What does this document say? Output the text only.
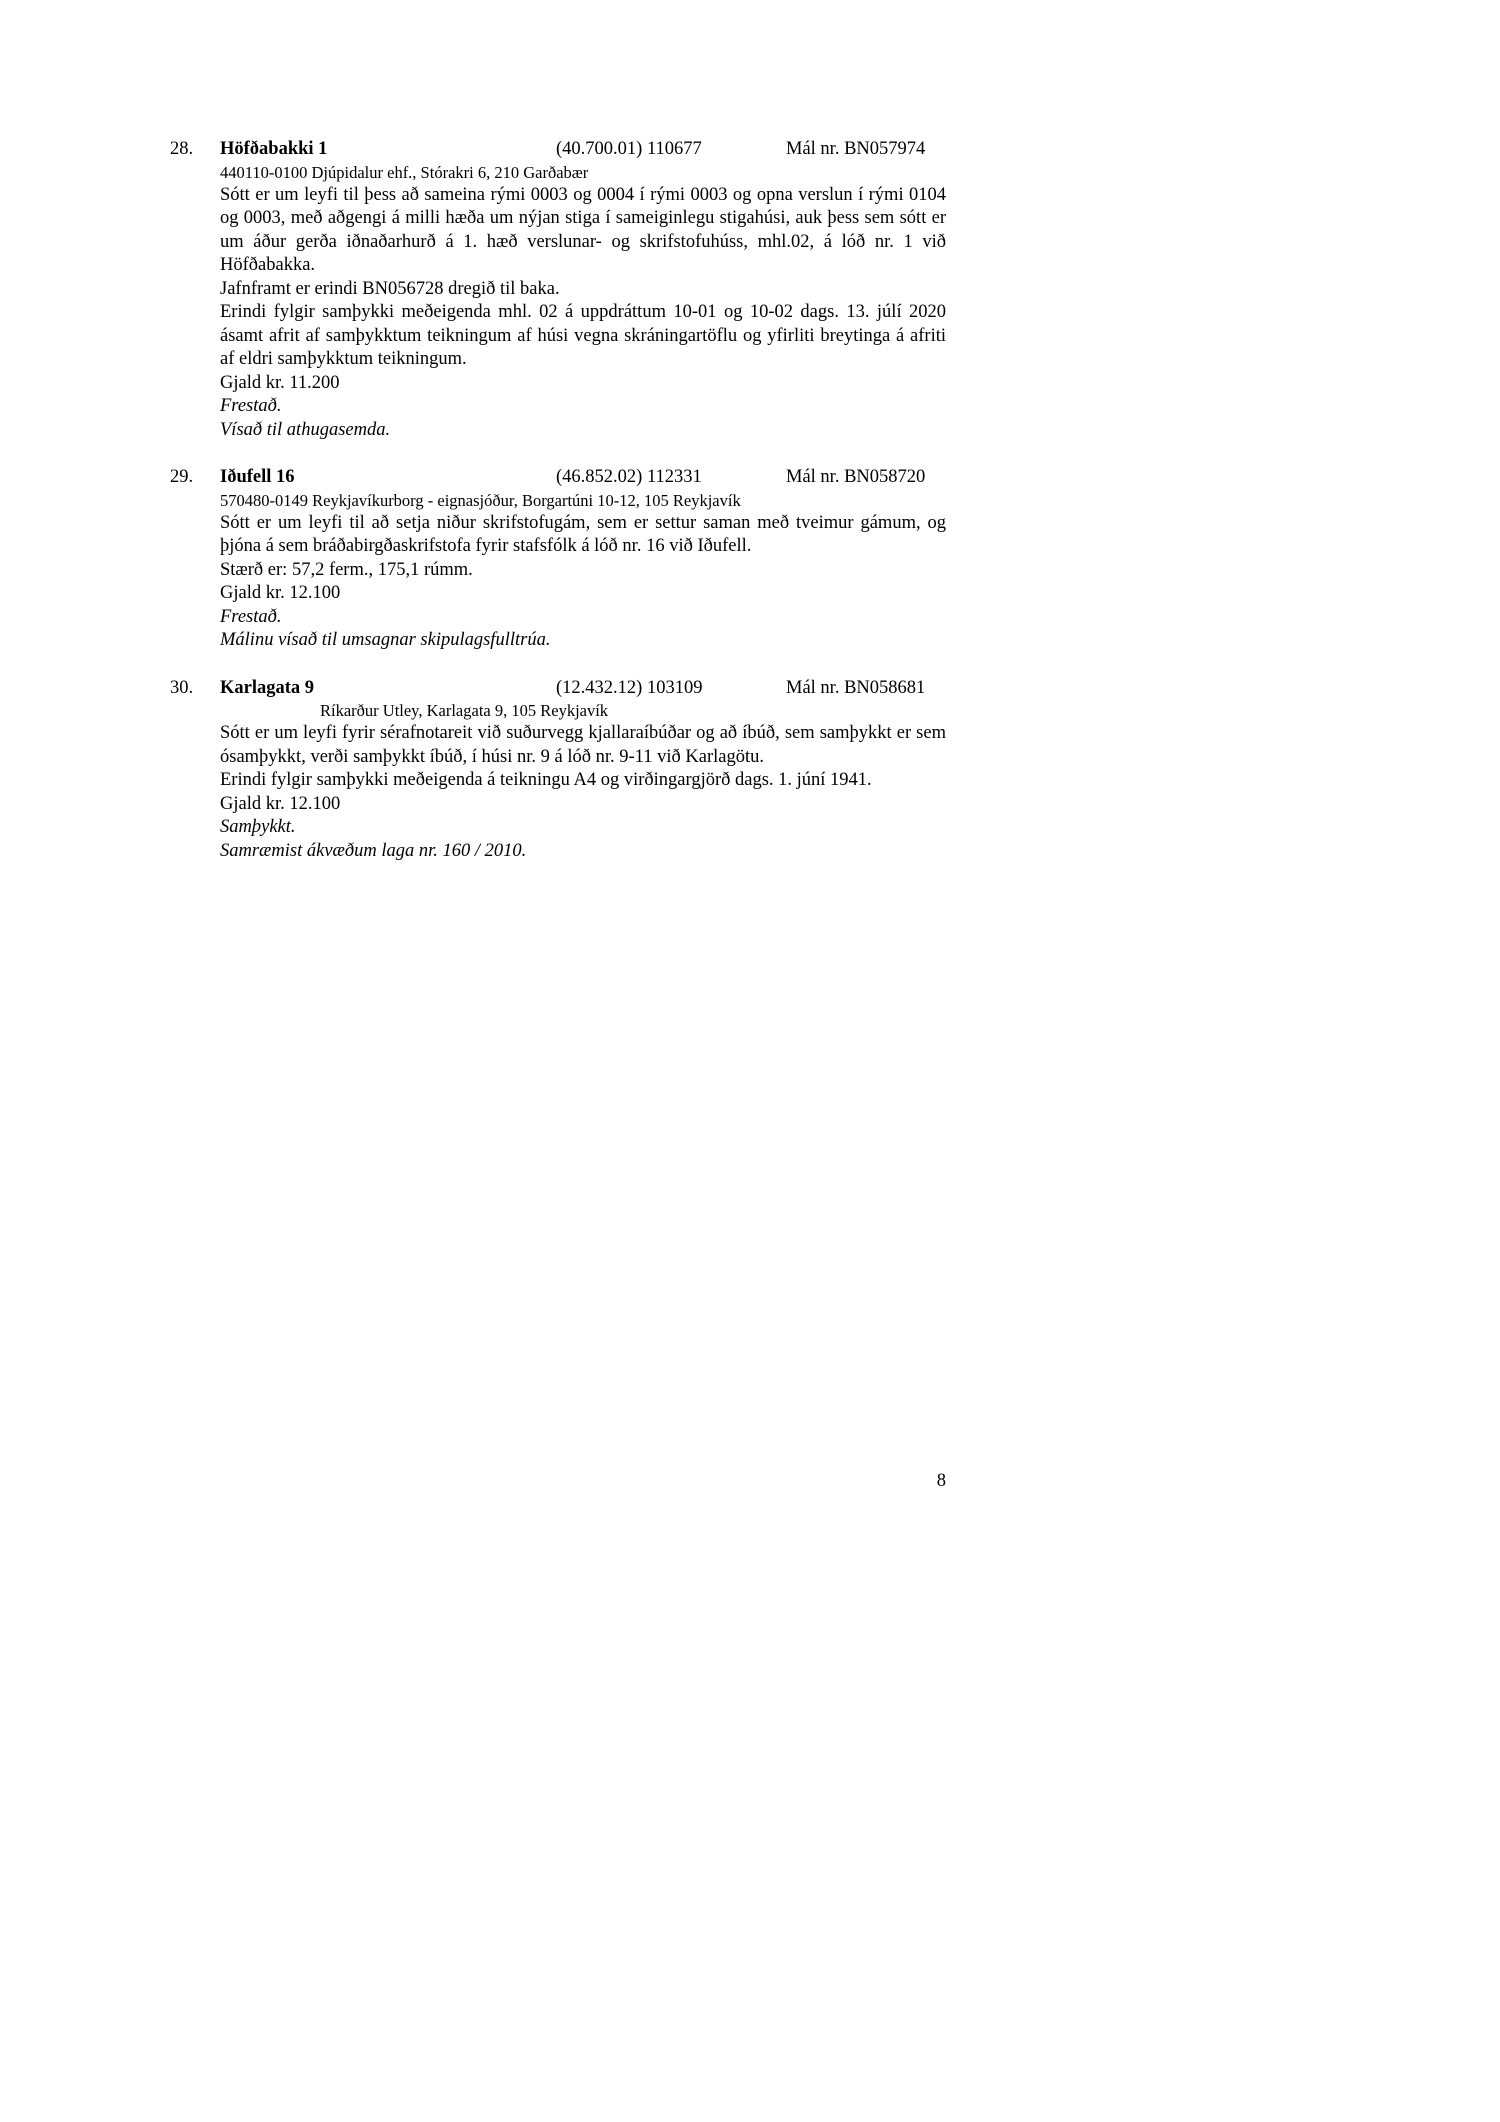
28.	Höfðabakki 1	(40.700.01) 110677	Mál nr. BN057974
440110-0100 Djúpidalur ehf., Stórakri 6, 210 Garðabær

Sótt er um leyfi til þess að sameina rými 0003 og 0004 í rými 0003 og opna verslun í rými 0104 og 0003, með aðgengi á milli hæða um nýjan stiga í sameiginlegu stigahúsi, auk þess sem sótt er um áður gerða iðnaðarhurð á 1. hæð verslunar- og skrifstofuhúss, mhl.02, á lóð nr. 1 við Höfðabakka.

Jafnframt er erindi BN056728 dregið til baka.

Erindi fylgir samþykki meðeigenda mhl. 02 á uppdráttum 10-01 og 10-02 dags. 13. júlí 2020 ásamt afrit af samþykktum teikningum af húsi vegna skráningartöflu og yfirliti breytinga á afriti af eldri samþykktum teikningum.

Gjald kr. 11.200

Frestað.

Vísað til athugasemda.

29.	Iðufell 16	(46.852.02) 112331	Mál nr. BN058720
570480-0149 Reykjavíkurborg - eignasjóður, Borgartúni 10-12, 105 Reykjavík

Sótt er um leyfi til að setja niður skrifstofugám, sem er settur saman með tveimur gámum, og þjóna á sem bráðabirgðaskrifstofa fyrir stafsfólk á lóð nr. 16 við Iðufell.

Stærð er: 57,2 ferm., 175,1 rúmm.

Gjald kr. 12.100

Frestað.

Málinu vísað til umsagnar skipulagsfulltrúa.

30.	Karlagata 9	(12.432.12) 103109	Mál nr. BN058681
Ríkarður Utley, Karlagata 9, 105 Reykjavík

Sótt er um leyfi fyrir sérafnotareit við suðurvegg kjallaraíbúðar og að íbúð, sem samþykkt er sem ósamþykkt, verði samþykkt íbúð, í húsi nr. 9 á lóð nr. 9-11 við Karlagötu.

Erindi fylgir samþykki meðeigenda á teikningu A4 og virðingargjörð dags. 1. júní 1941.

Gjald kr. 12.100

Samþykkt.

Samræmist ákvæðum laga nr. 160 / 2010.

8
